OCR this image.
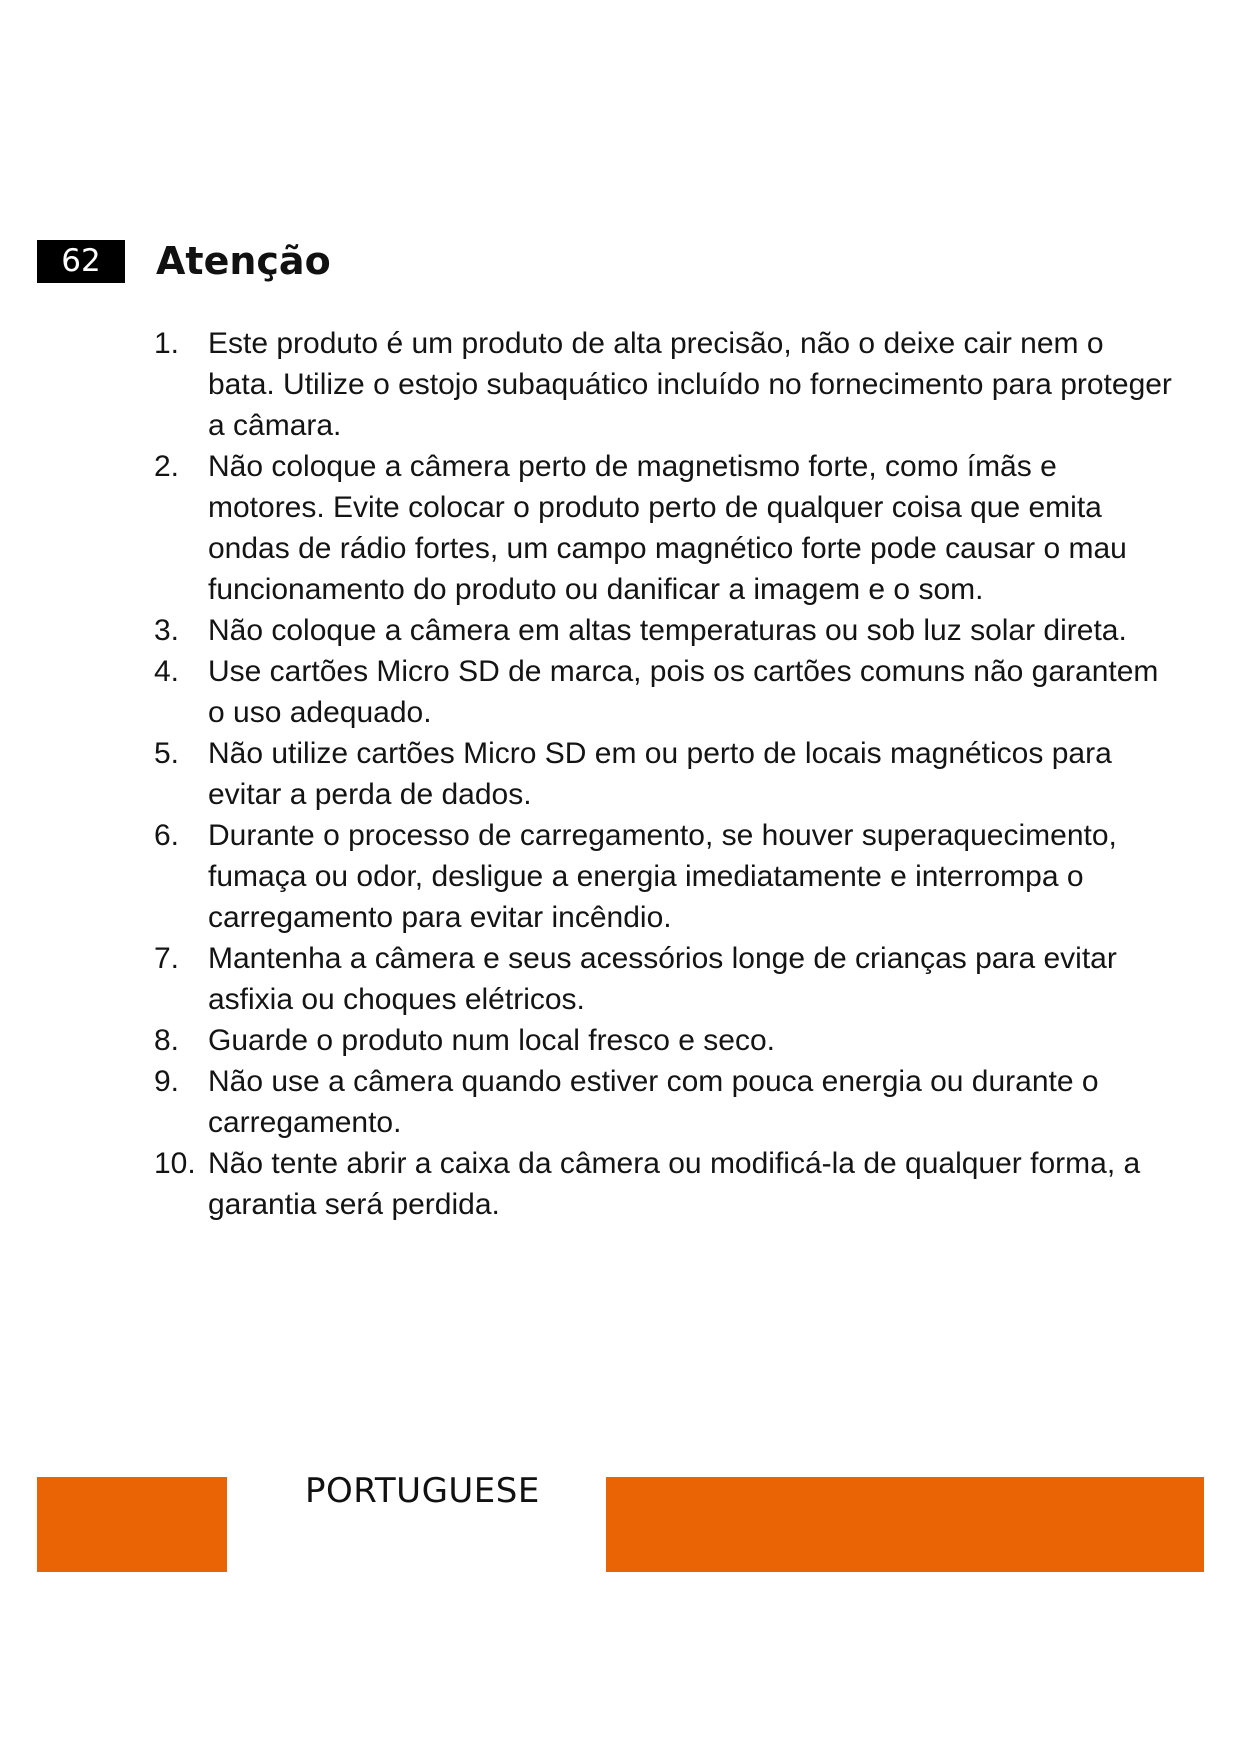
62	Atenção
1. Este produto é um produto de alta precisão, não o deixe cair nem o bata. Utilize o estojo subaquático incluído no fornecimento para proteger a câmara.
2. Não coloque a câmera perto de magnetismo forte, como ímãs e motores. Evite colocar o produto perto de qualquer coisa que emita ondas de rádio fortes, um campo magnético forte pode causar o mau funcionamento do produto ou danificar a imagem e o som.
3. Não coloque a câmera em altas temperaturas ou sob luz solar direta.
4. Use cartões Micro SD de marca, pois os cartões comuns não garantem o uso adequado.
5. Não utilize cartões Micro SD em ou perto de locais magnéticos para evitar a perda de dados.
6. Durante o processo de carregamento, se houver superaquecimento, fumaça ou odor, desligue a energia imediatamente e interrompa o carregamento para evitar incêndio.
7. Mantenha a câmera e seus acessórios longe de crianças para evitar asfixia ou choques elétricos.
8. Guarde o produto num local fresco e seco.
9. Não use a câmera quando estiver com pouca energia ou durante o carregamento.
10. Não tente abrir a caixa da câmera ou modificá-la de qualquer forma, a garantia será perdida.
PORTUGUESE
